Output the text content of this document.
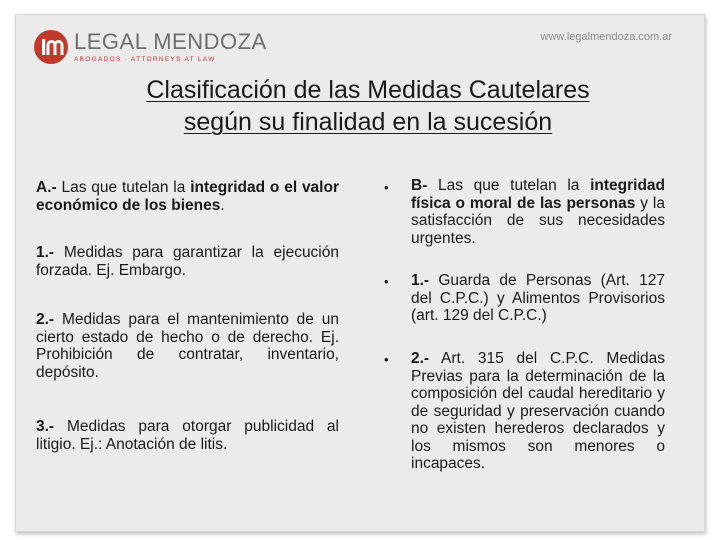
LEGAL MENDOZA
ABOGADOS · ATTORNEYS AT LAW
www.legalmendoza.com.ar
Clasificación de las Medidas Cautelares
según su finalidad en la sucesión

A.- Las que tutelan la integridad o el valor económico de los bienes.

1.- Medidas para garantizar la ejecución forzada. Ej. Embargo.

2.- Medidas para el mantenimiento de un cierto estado de hecho o de derecho. Ej. Prohibición de contratar, inventario, depósito.

3.- Medidas para otorgar publicidad al litigio. Ej.: Anotación de litis.

• B- Las que tutelan la integridad física o moral de las personas y la satisfacción de sus necesidades urgentes.

• 1.- Guarda de Personas (Art. 127 del C.P.C.) y Alimentos Provisorios (art. 129 del C.P.C.)

• 2.- Art. 315 del C.P.C. Medidas Previas para la determinación de la composición del caudal hereditario y de seguridad y preservación cuando no existen herederos declarados y los mismos son menores o incapaces.
